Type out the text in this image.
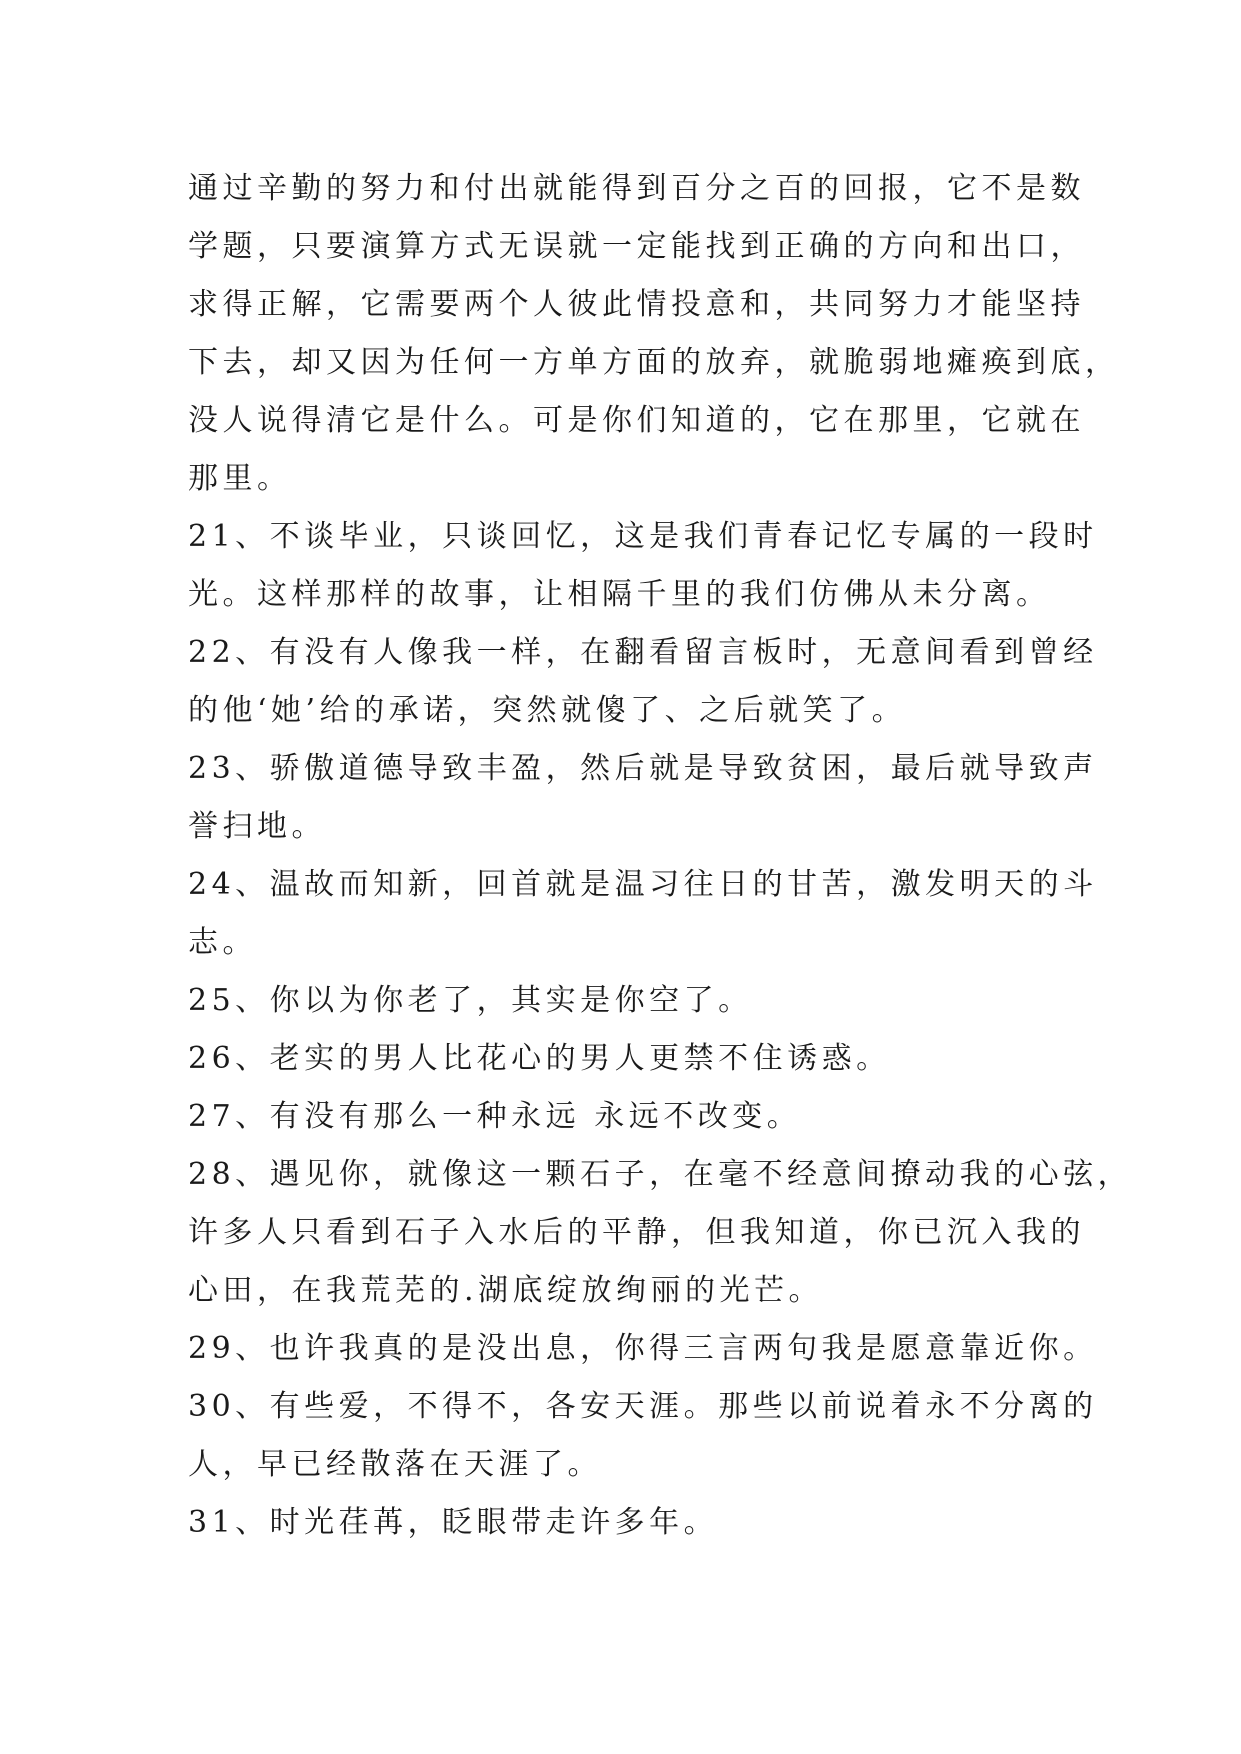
通过辛勤的努力和付出就能得到百分之百的回报，它不是数
学题，只要演算方式无误就一定能找到正确的方向和出口，
求得正解，它需要两个人彼此情投意和，共同努力才能坚持
下去，却又因为任何一方单方面的放弃，就脆弱地瘫痪到底，
没人说得清它是什么。可是你们知道的，它在那里，它就在
那里。
21、不谈毕业，只谈回忆，这是我们青春记忆专属的一段时
光。这样那样的故事，让相隔千里的我们仿佛从未分离。
22、有没有人像我一样，在翻看留言板时，无意间看到曾经
的他‘她’给的承诺，突然就傻了、之后就笑了。
23、骄傲道德导致丰盈，然后就是导致贫困，最后就导致声
誉扫地。
24、温故而知新，回首就是温习往日的甘苦，激发明天的斗
志。
25、你以为你老了，其实是你空了。
26、老实的男人比花心的男人更禁不住诱惑。
27、有没有那么一种永远 永远不改变。
28、遇见你，就像这一颗石子，在毫不经意间撩动我的心弦，
许多人只看到石子入水后的平静，但我知道，你已沉入我的
心田，在我荒芜的.湖底绽放绚丽的光芒。
29、也许我真的是没出息，你得三言两句我是愿意靠近你。
30、有些爱，不得不，各安天涯。那些以前说着永不分离的
人，早已经散落在天涯了。
31、时光荏苒，眨眼带走许多年。
